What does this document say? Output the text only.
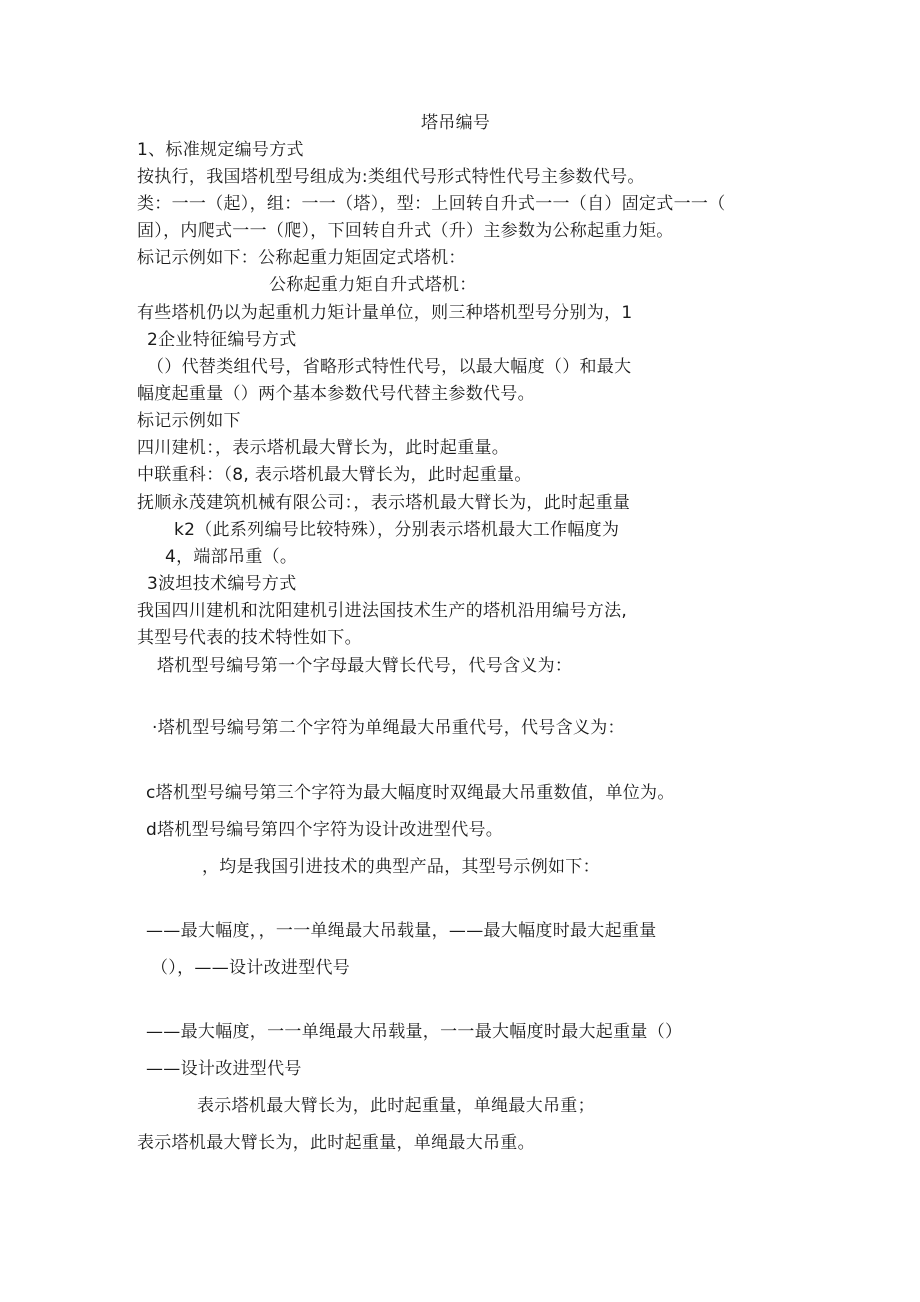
塔吊编号
1、标准规定编号方式
按执行，我国塔机型号组成为:类组代号形式特性代号主参数代号。
类：一一（起），组：一一（塔），型：上回转自升式一一（自）固定式一一（
固），内爬式一一（爬），下回转自升式（升）主参数为公称起重力矩。
标记示例如下：公称起重力矩固定式塔机：
公称起重力矩自升式塔机：
有些塔机仍以为起重机力矩计量单位，则三种塔机型号分别为，1
2企业特征编号方式
（）代替类组代号，省略形式特性代号，以最大幅度（）和最大
幅度起重量（）两个基本参数代号代替主参数代号。
标记示例如下
四川建机：，表示塔机最大臂长为，此时起重量。
中联重科：（8, 表示塔机最大臂长为，此时起重量。
抚顺永茂建筑机械有限公司：，表示塔机最大臂长为，此时起重量
k2（此系列编号比较特殊），分别表示塔机最大工作幅度为
4，端部吊重（。
3波坦技术编号方式
我国四川建机和沈阳建机引进法国技术生产的塔机沿用编号方法,
其型号代表的技术特性如下。
塔机型号编号第一个字母最大臂长代号，代号含义为：
·塔机型号编号第二个字符为单绳最大吊重代号，代号含义为：
c塔机型号编号第三个字符为最大幅度时双绳最大吊重数值，单位为。
d塔机型号编号第四个字符为设计改进型代号。
，均是我国引进技术的典型产品，其型号示例如下：
——最大幅度，，一一单绳最大吊载量，——最大幅度时最大起重量
（），——设计改进型代号
——最大幅度，一一单绳最大吊载量，一一最大幅度时最大起重量（）
——设计改进型代号
表示塔机最大臂长为，此时起重量，单绳最大吊重；
表示塔机最大臂长为，此时起重量，单绳最大吊重。
